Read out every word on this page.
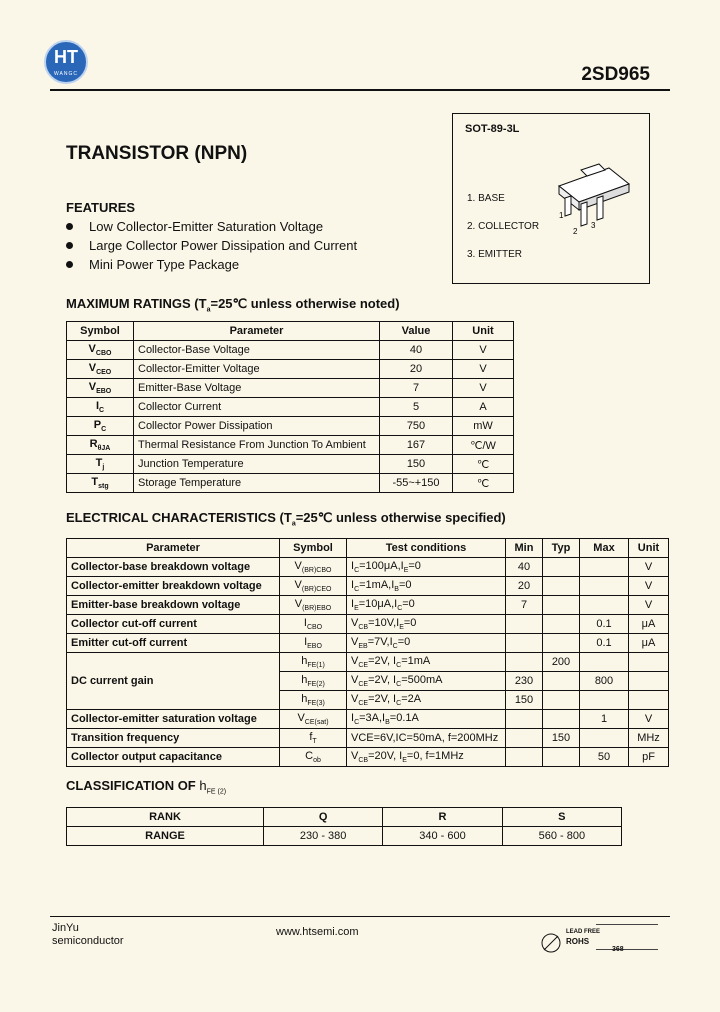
HT
WANGC	2SD965
TRANSISTOR (NPN)
FEATURES
Low Collector-Emitter Saturation Voltage
Large Collector Power Dissipation and Current
Mini Power Type Package
SOT-89-3L
1. BASE
2. COLLECTOR
3. EMITTER
1
2
3
MAXIMUM RATINGS ($T_a=25℃$ unless otherwise noted)
Symbol	Parameter	Value	Unit
$V_{CBO}$	Collector-Base Voltage	40	V
$V_{CEO}$	Collector-Emitter Voltage	20	V
$V_{EBO}$	Emitter-Base Voltage	7	V
$I_C$	Collector Current	5	A
$P_C$	Collector Power Dissipation	750	mW
$R_{\theta JA}$	Thermal Resistance From Junction To Ambient	167	℃/W
$T_j$	Junction Temperature	150	℃
$T_{stg}$	Storage Temperature	-55~+150	℃
ELECTRICAL CHARACTERISTICS ($T_a=25℃$ unless otherwise specified)
Parameter	Symbol	Test conditions	Min	Typ	Max	Unit
Collector-base breakdown voltage	$V_{(BR)CBO}$	$I_C=100\mu A,I_E=0$	40			V
Collector-emitter breakdown voltage	$V_{(BR)CEO}$	$I_C=1mA,I_B=0$	20			V
Emitter-base breakdown voltage	$V_{(BR)EBO}$	$I_E=10\mu A,I_C=0$	7			V
Collector cut-off current	$I_{CBO}$	$V_{CB}=10V,I_E=0$			0.1	μA
Emitter cut-off current	$I_{EBO}$	$V_{EB}=7V,I_C=0$			0.1	μA
DC current gain	$h_{FE(1)}$	$V_{CE}=2V$, $I_C=1mA$		200		
	$h_{FE(2)}$	$V_{CE}=2V$, $I_C=500mA$	230		800	
	$h_{FE(3)}$	$V_{CE}=2V$, $I_C=2A$	150			
Collector-emitter saturation voltage	$V_{CE(sat)}$	$I_C=3A,I_B=0.1A$			1	V
Transition frequency	$f_T$	VCE=6V,IC=50mA, f=200MHz		150		MHz
Collector output capacitance	$C_{ob}$	$V_{CB}=20V$, $I_E=0$, f=1MHz			50	pF
CLASSIFICATION OF $h_{FE (2)}$
RANK	Q	R	S
RANGE	230 - 380	340 - 600	560 - 800
JinYu
semiconductor
www.htsemi.com	LEAD FREE
ROHS
368
